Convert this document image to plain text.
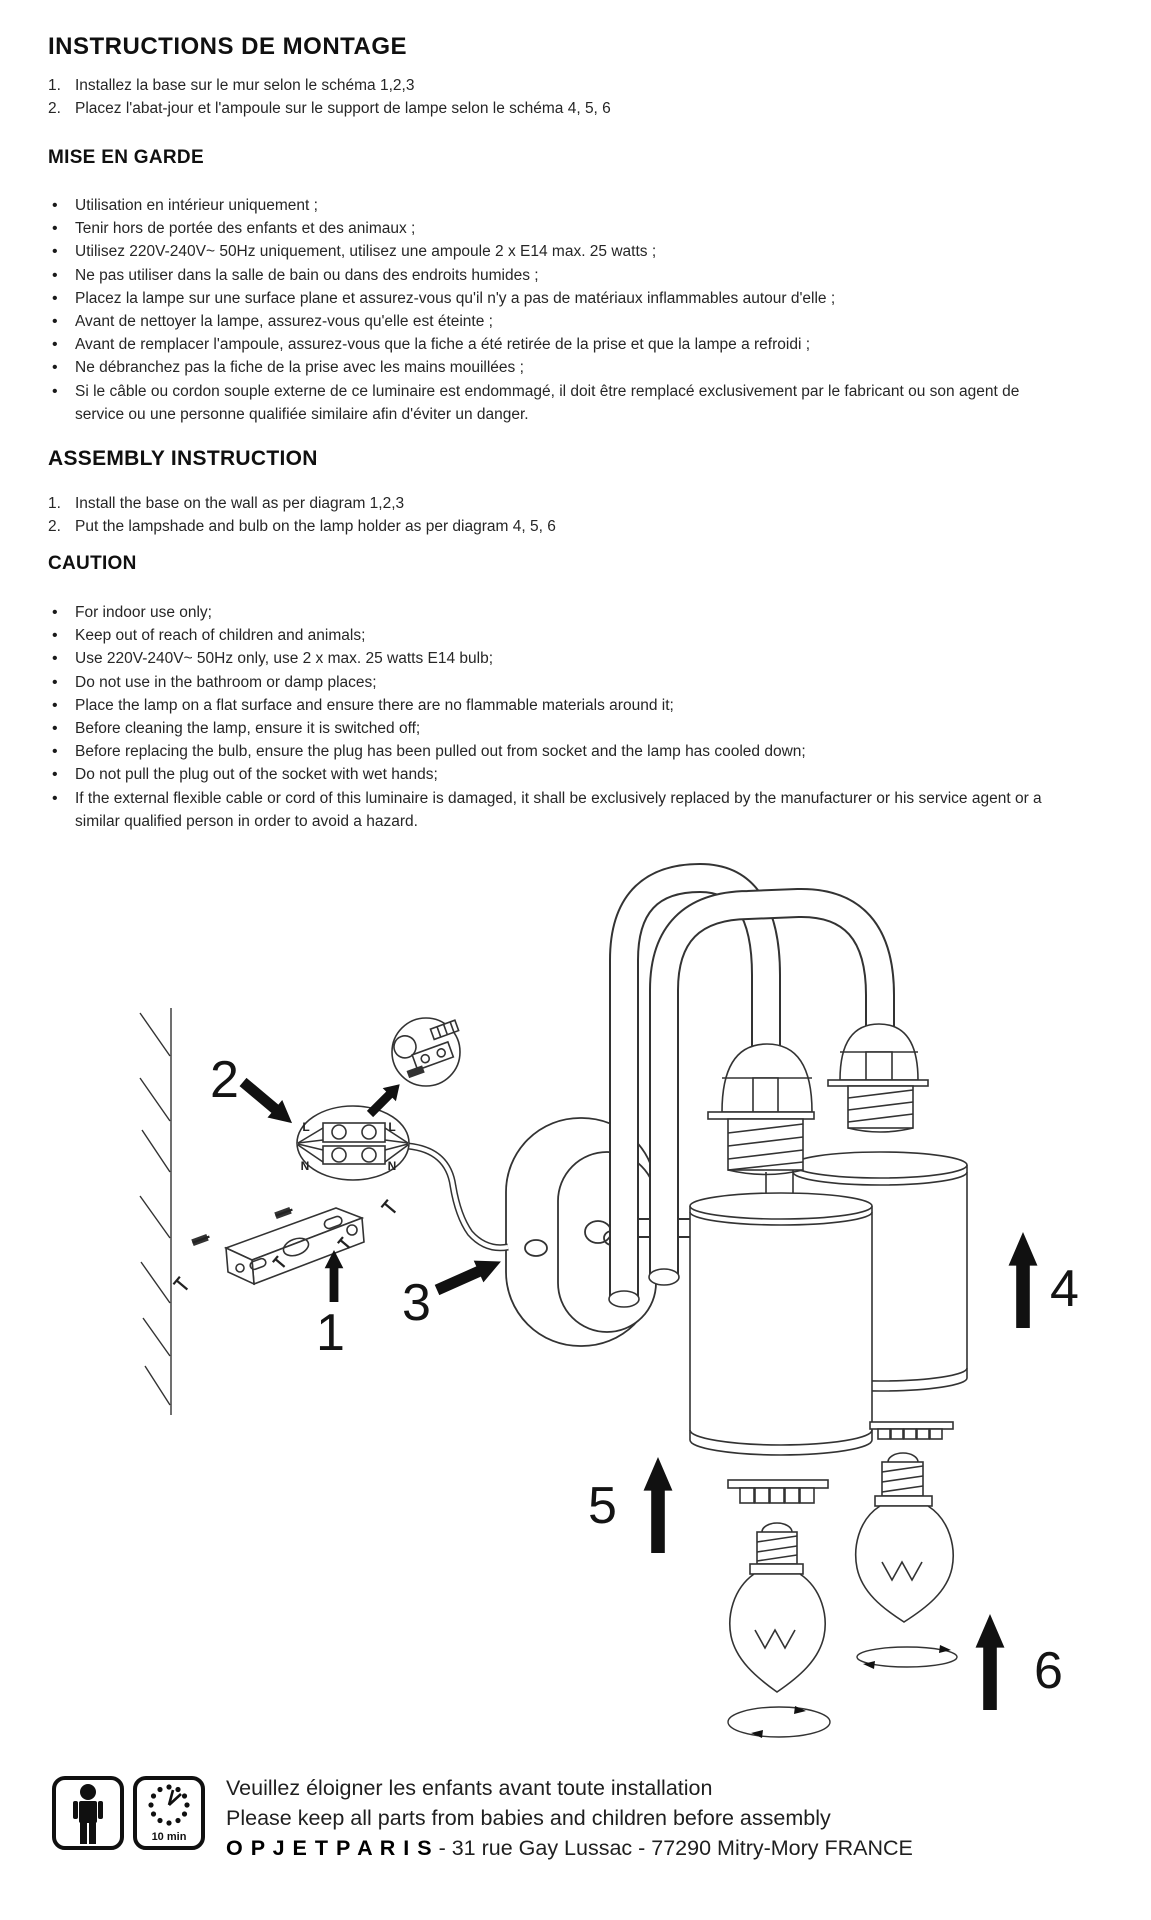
INSTRUCTIONS DE MONTAGE
1. Installez la base sur le mur selon le schéma 1,2,3
2. Placez l'abat-jour et l'ampoule sur le support de lampe selon le schéma 4, 5, 6
MISE EN GARDE
• Utilisation en intérieur uniquement ;
• Tenir hors de portée des enfants et des animaux ;
• Utilisez 220V-240V~ 50Hz uniquement, utilisez une ampoule 2 x E14 max. 25 watts ;
• Ne pas utiliser dans la salle de bain ou dans des endroits humides ;
• Placez la lampe sur une surface plane et assurez-vous qu'il n'y a pas de matériaux inflammables autour d'elle ;
• Avant de nettoyer la lampe, assurez-vous qu'elle est éteinte ;
• Avant de remplacer l'ampoule, assurez-vous que la fiche a été retirée de la prise et que la lampe a refroidi ;
• Ne débranchez pas la fiche de la prise avec les mains mouillées ;
• Si le câble ou cordon souple externe de ce luminaire est endommagé, il doit être remplacé exclusivement par le fabricant ou son agent de service ou une personne qualifiée similaire afin d'éviter un danger.
ASSEMBLY INSTRUCTION
1. Install the base on the wall as per diagram 1,2,3
2. Put the lampshade and bulb on the lamp holder as per diagram 4, 5, 6
CAUTION
• For indoor use only;
• Keep out of reach of children and animals;
• Use 220V-240V~ 50Hz only, use 2 x max. 25 watts E14 bulb;
• Do not use in the bathroom or damp places;
• Place the lamp on a flat surface and ensure there are no flammable materials around it;
• Before cleaning the lamp, ensure it is switched off;
• Before replacing the bulb, ensure the plug has been pulled out from socket and the lamp has cooled down;
• Do not pull the plug out of the socket with wet hands;
• If the external flexible cable or cord of this luminaire is damaged, it shall be exclusively replaced by the manufacturer or his service agent or a similar qualified person in order to avoid a hazard.
L	L
N	N
2
1
3	4
5
6
10 min
Veuillez éloigner les enfants avant toute installation
Please keep all parts from babies and children before assembly
O P J E T P A R I S - 31 rue Gay Lussac - 77290 Mitry-Mory FRANCE
